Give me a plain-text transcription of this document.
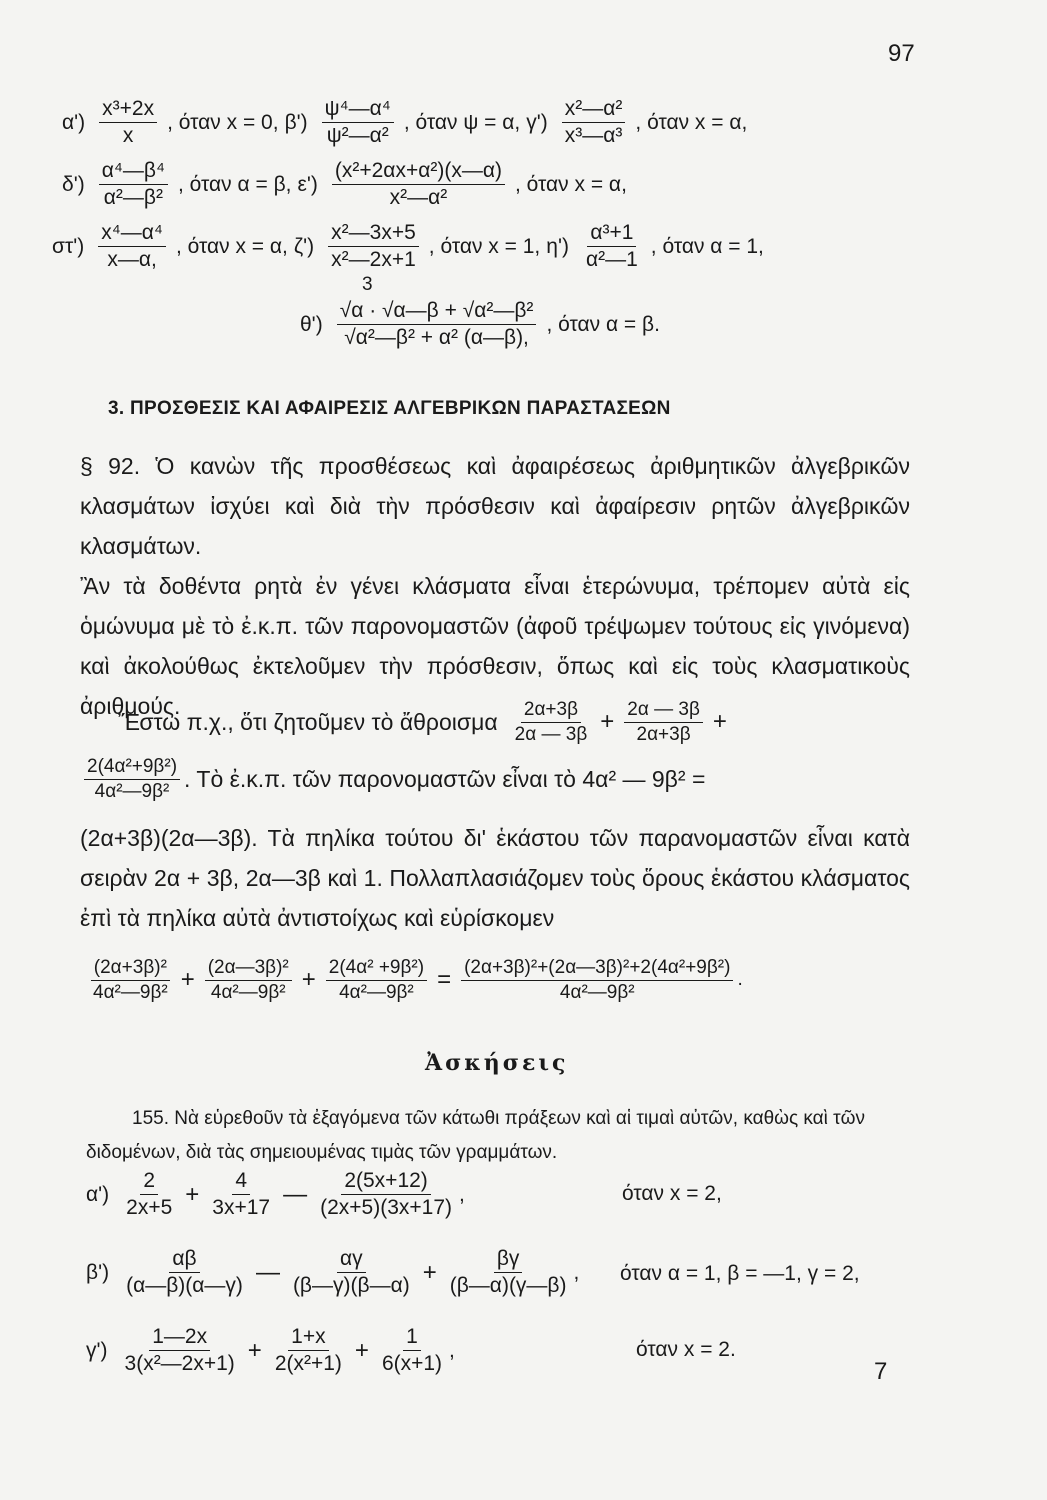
97
$\alpha') \frac{\text{x³+2x}}{x}$ , όταν x = 0, $\beta') \frac{\text{ψ⁴—α⁴}}{\text{ψ²—α²}}$ , όταν ψ = α, $\gamma') \frac{\text{x²—α²}}{\text{x³—α³}}$ , όταν x = α,
$\delta') \frac{\text{α⁴—β⁴}}{\text{α²—β²}}$ , όταν α = β, $\varepsilon') \frac{\text{(x²+2αx+α²)(x—α)}}{\text{x²—α²}}$ , όταν x = α,
$\sigma\tau') \frac{\text{x⁴—α⁴}}{x—\alpha,}$ , όταν x = α, $\zeta') \frac{\text{x²—3x+5}}{\text{x²—2x+1}}$ , όταν x = 1, $\eta') \frac{\text{α³+1}}{\text{α²—1}}$ , όταν α = 1,
3
$\theta') \frac{\text{√α · √α—β + √α²—β²}}{\text{√α²—β² + α² (α—β),}}$ , όταν α = β.
3. ΠΡΟΣΘΕΣΙΣ ΚΑΙ ΑΦΑΙΡΕΣΙΣ ΑΛΓΕΒΡΙΚΩΝ ΠΑΡΑΣΤΑΣΕΩΝ
§ 92. Ὁ κανὼν τῆς προσθέσεως καὶ ἀφαιρέσεως ἀριθμητικῶν ἀλγεβρικῶν κλασμάτων ἰσχύει καὶ διὰ τὴν πρόσθεσιν καὶ ἀφαίρεσιν ρητῶν ἀλγεβρικῶν κλασμάτων.
Ἂν τὰ δοθέντα ρητὰ ἐν γένει κλάσματα εἶναι ἑτερώνυμα, τρέπομεν αὐτὰ εἰς ὁμώνυμα μὲ τὸ ἐ.κ.π. τῶν παρονομαστῶν (ἀφοῦ τρέψωμεν τούτους εἰς γινόμενα) καὶ ἀκολούθως ἐκτελοῦμεν τὴν πρόσθεσιν, ὅπως καὶ εἰς τοὺς κλασματικοὺς ἀριθμούς.
Ἔστω π.χ., ὅτι ζητοῦμεν τὸ ἄθροισμα $\frac{2\alpha+3\beta}{2\alpha — 3\beta} + \frac{2\alpha — 3\beta}{2\alpha+3\beta}$ +
$\frac{\text{2(4α²+9β²)}}{\text{4α²—9β²}}$ . Τὸ ἐ.κ.π. τῶν παρονομαστῶν εἶναι τὸ 4α² — 9β² =
(2α+3β)(2α—3β). Τὰ πηλίκα τούτου δι' ἑκάστου τῶν παρανομαστῶν εἶναι κατὰ σειρὰν 2α + 3β, 2α—3β καὶ 1. Πολλαπλασιάζομεν τοὺς ὅρους ἑκάστου κλάσματος ἐπὶ τὰ πηλίκα αὐτὰ ἀντιστοίχως καὶ εὑρίσκομεν
$\frac{\text{(2α+3β)²}}{\text{4α²—9β²}} + \frac{\text{(2α—3β)²}}{\text{4α²—9β²}} + \frac{\text{2(4α² +9β²)}}{\text{4α²—9β²}} = \frac{\text{(2α+3β)²+(2α—3β)²+2(4α²+9β²)}}{\text{4α²—9β²}}$ .
Ἀσκήσεις
155. Νὰ εὑρεθοῦν τὰ ἐξαγόμενα τῶν κάτωθι πράξεων καὶ αἱ τιμαὶ αὐτῶν, καθὼς καὶ τῶν διδομένων, διὰ τὰς σημειουμένας τιμὰς τῶν γραμμάτων.
$\alpha') \frac{2}{2x+5} + \frac{4}{3x+17}$ — $\frac{2(5x+12)}{(2x+5)(3x+17)}$ ,	όταν x = 2,
$\beta') \frac{\alpha\beta}{(\alpha—\beta)(\alpha—\gamma)}$ — $\frac{\alpha\gamma}{(\beta—\gamma)(\beta—\alpha)} + \frac{\beta\gamma}{(\beta—\alpha)(\gamma—\beta)}$ , όταν α = 1, β = —1, γ = 2,
$\gamma') \frac{1—2x}{\text{3(x²—2x+1)}} + \frac{1+x}{\text{2(x²+1)}} + \frac{1}{6(x+1)}$ ,	όταν x = 2.
7
